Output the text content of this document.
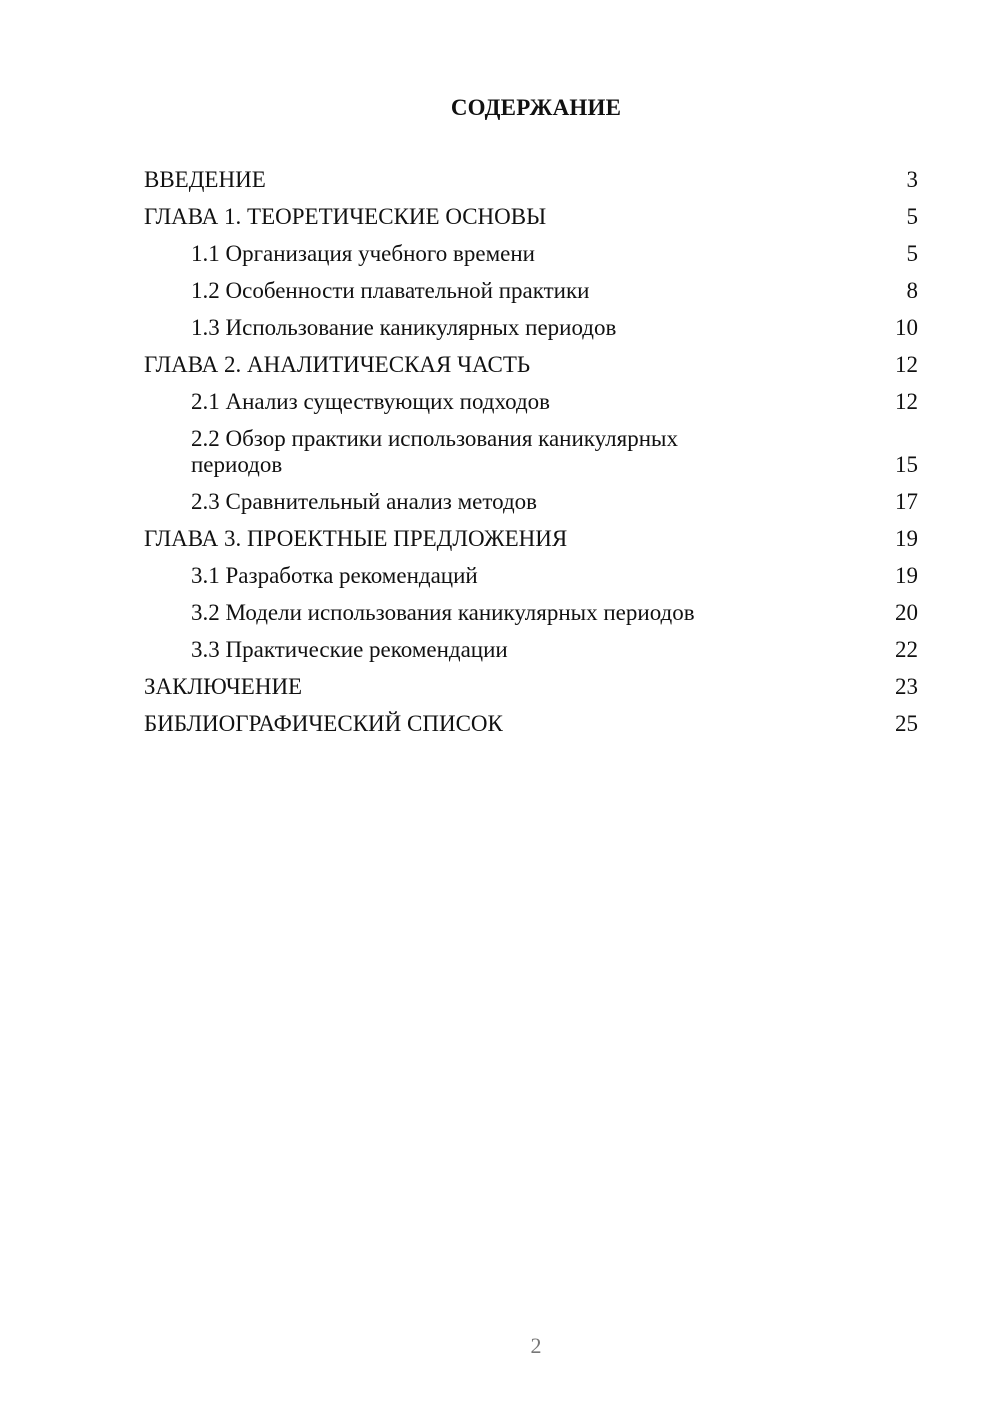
СОДЕРЖАНИЕ
ВВЕДЕНИЕ	3
ГЛАВА 1. ТЕОРЕТИЧЕСКИЕ ОСНОВЫ	5
1.1 Организация учебного времени	5
1.2 Особенности плавательной практики	8
1.3 Использование каникулярных периодов	10
ГЛАВА 2. АНАЛИТИЧЕСКАЯ ЧАСТЬ	12
2.1 Анализ существующих подходов	12
2.2 Обзор практики использования каникулярных периодов	15
2.3 Сравнительный анализ методов	17
ГЛАВА 3. ПРОЕКТНЫЕ ПРЕДЛОЖЕНИЯ	19
3.1 Разработка рекомендаций	19
3.2 Модели использования каникулярных периодов	20
3.3 Практические рекомендации	22
ЗАКЛЮЧЕНИЕ	23
БИБЛИОГРАФИЧЕСКИЙ СПИСОК	25
2
